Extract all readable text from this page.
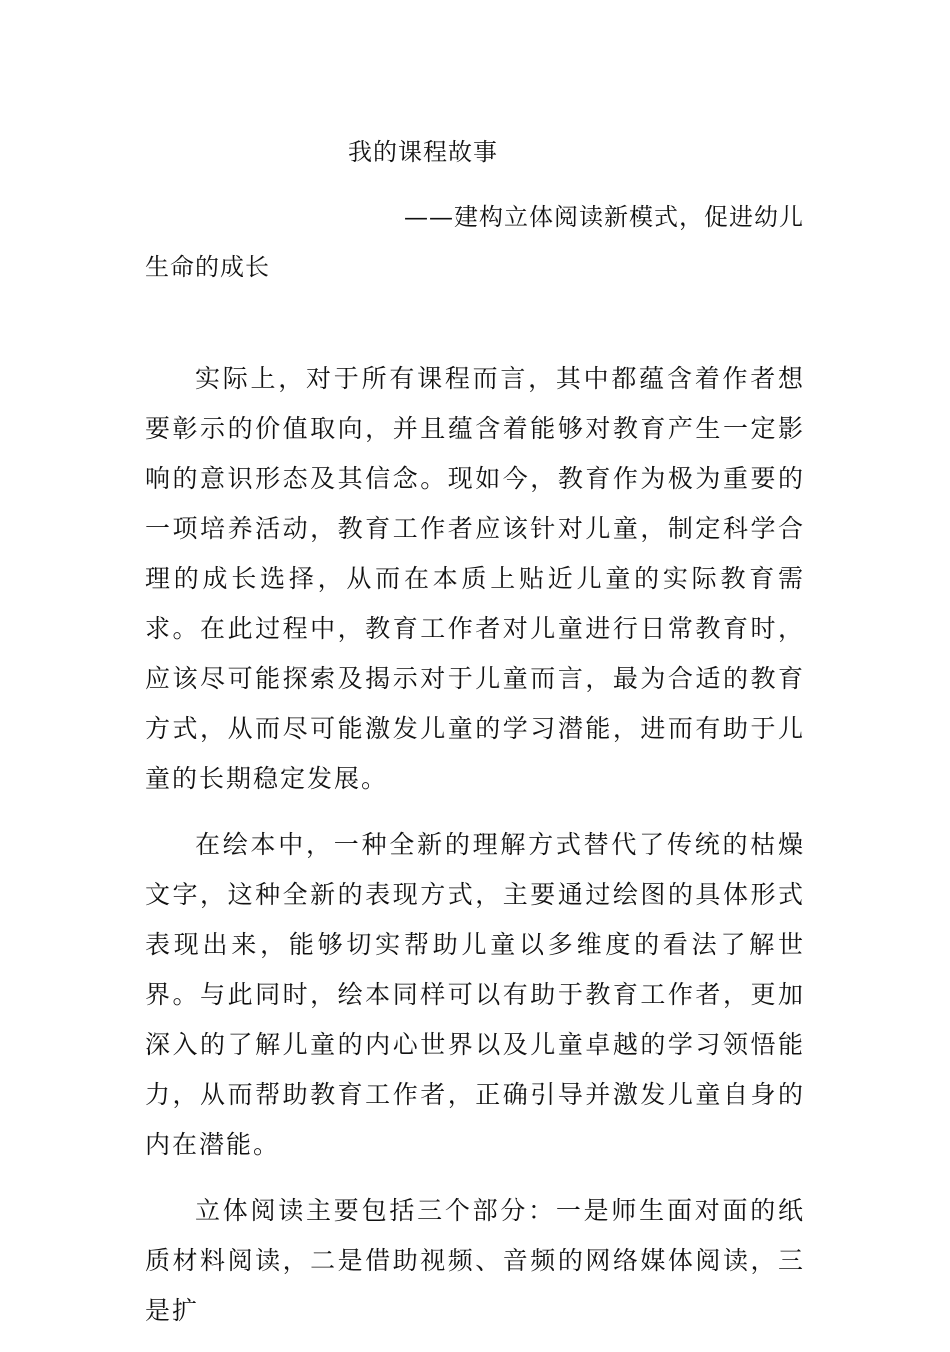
我的课程故事
——建构立体阅读新模式，促进幼儿
生命的成长

实际上，对于所有课程而言，其中都蕴含着作者想要彰示的价值取向，并且蕴含着能够对教育产生一定影响的意识形态及其信念。现如今，教育作为极为重要的一项培养活动，教育工作者应该针对儿童，制定科学合理的成长选择，从而在本质上贴近儿童的实际教育需求。在此过程中，教育工作者对儿童进行日常教育时，应该尽可能探索及揭示对于儿童而言，最为合适的教育方式，从而尽可能激发儿童的学习潜能，进而有助于儿童的长期稳定发展。

在绘本中，一种全新的理解方式替代了传统的枯燥文字，这种全新的表现方式，主要通过绘图的具体形式表现出来，能够切实帮助儿童以多维度的看法了解世界。与此同时，绘本同样可以有助于教育工作者，更加深入的了解儿童的内心世界以及儿童卓越的学习领悟能力，从而帮助教育工作者，正确引导并激发儿童自身的内在潜能。

立体阅读主要包括三个部分：一是师生面对面的纸质材料阅读，二是借助视频、音频的网络媒体阅读，三是扩
